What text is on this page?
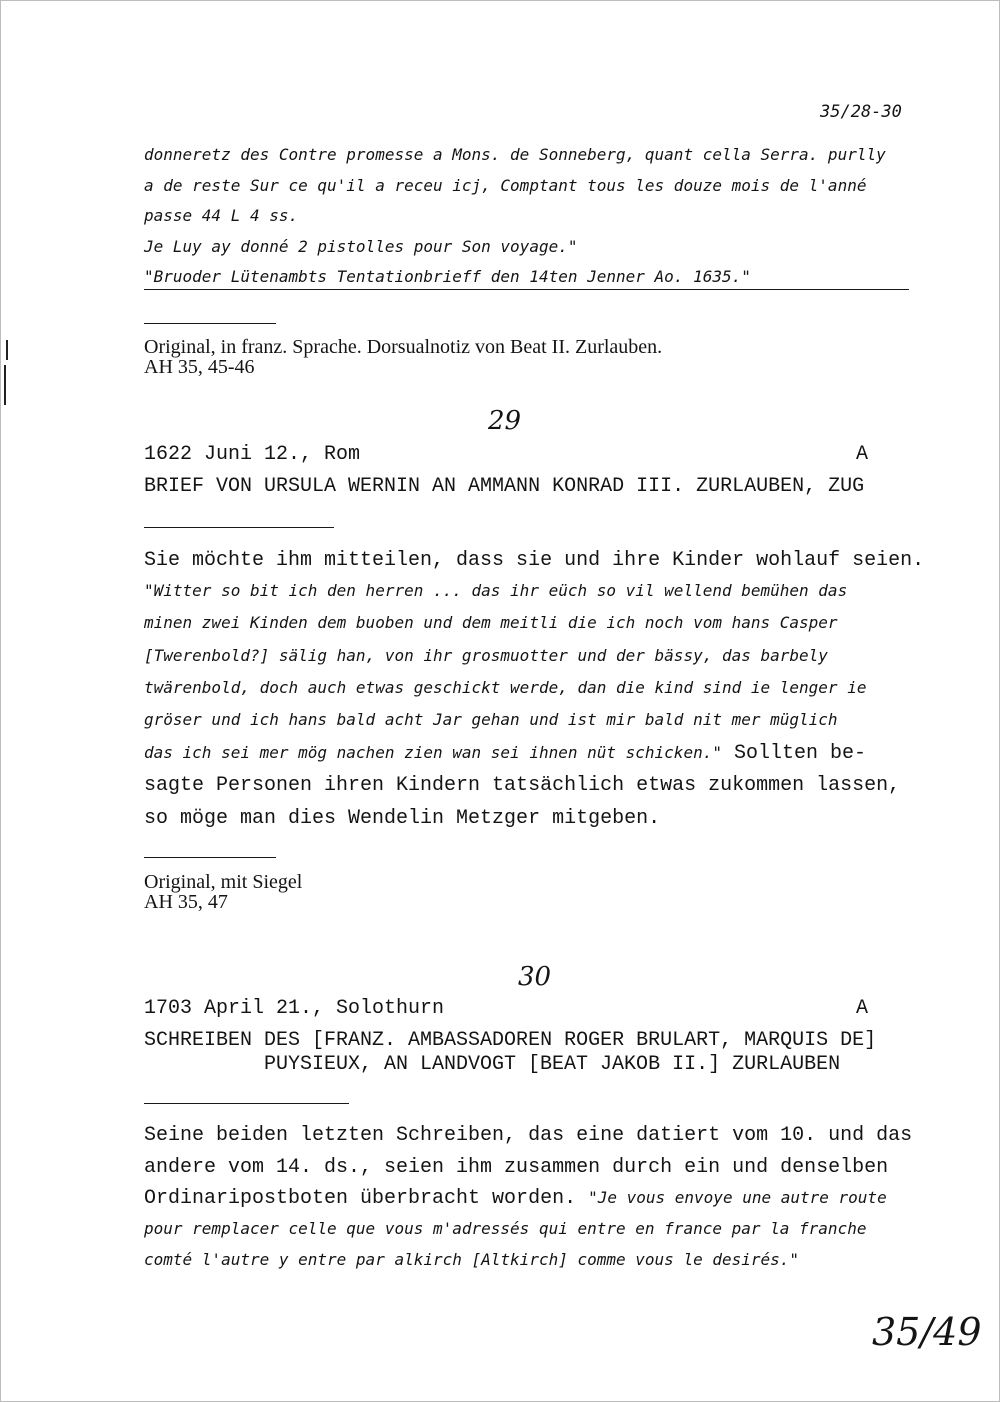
35/28-30
donneretz des Contre promesse a Mons. de Sonneberg, quant cella Serra. purlly
a de reste Sur ce qu'il a receu icj, Comptant tous les douze mois de l'anné
passe 44 L 4 ss.
Je Luy ay donné 2 pistolles pour Son voyage."
"Bruoder Lütenambts Tentationbrieff den 14ten Jenner Ao. 1635."
Original, in franz. Sprache. Dorsualnotiz von Beat II. Zurlauben.
AH 35, 45-46
29
1622 Juni 12., Rom	A
BRIEF VON URSULA WERNIN AN AMMANN KONRAD III. ZURLAUBEN, ZUG
Sie möchte ihm mitteilen, dass sie und ihre Kinder wohlauf seien.
"Witter so bit ich den herren ... das ihr eüch so vil wellend bemühen das
minen zwei Kinden dem buoben und dem meitli die ich noch vom hans Casper
[Twerenbold?] sälig han, von ihr grosmuotter und der bässy, das barbely
twärenbold, doch auch etwas geschickt werde, dan die kind sind ie lenger ie
gröser und ich hans bald acht Jar gehan und ist mir bald nit mer müglich
das ich sei mer mög nachen zien wan sei ihnen nüt schicken." Sollten be-
sagte Personen ihren Kindern tatsächlich etwas zukommen lassen,
so möge man dies Wendelin Metzger mitgeben.
Original, mit Siegel
AH 35, 47
30
1703 April 21., Solothurn	A
SCHREIBEN DES [FRANZ. AMBASSADOREN ROGER BRULART, MARQUIS DE]
PUYSIEUX, AN LANDVOGT [BEAT JAKOB II.] ZURLAUBEN
Seine beiden letzten Schreiben, das eine datiert vom 10. und das
andere vom 14. ds., seien ihm zusammen durch ein und denselben
Ordinaripostboten überbracht worden. "Je vous envoye une autre route
pour remplacer celle que vous m'adressés qui entre en france par la franche
comté l'autre y entre par alkirch [Altkirch] comme vous le desirés."
35/49
